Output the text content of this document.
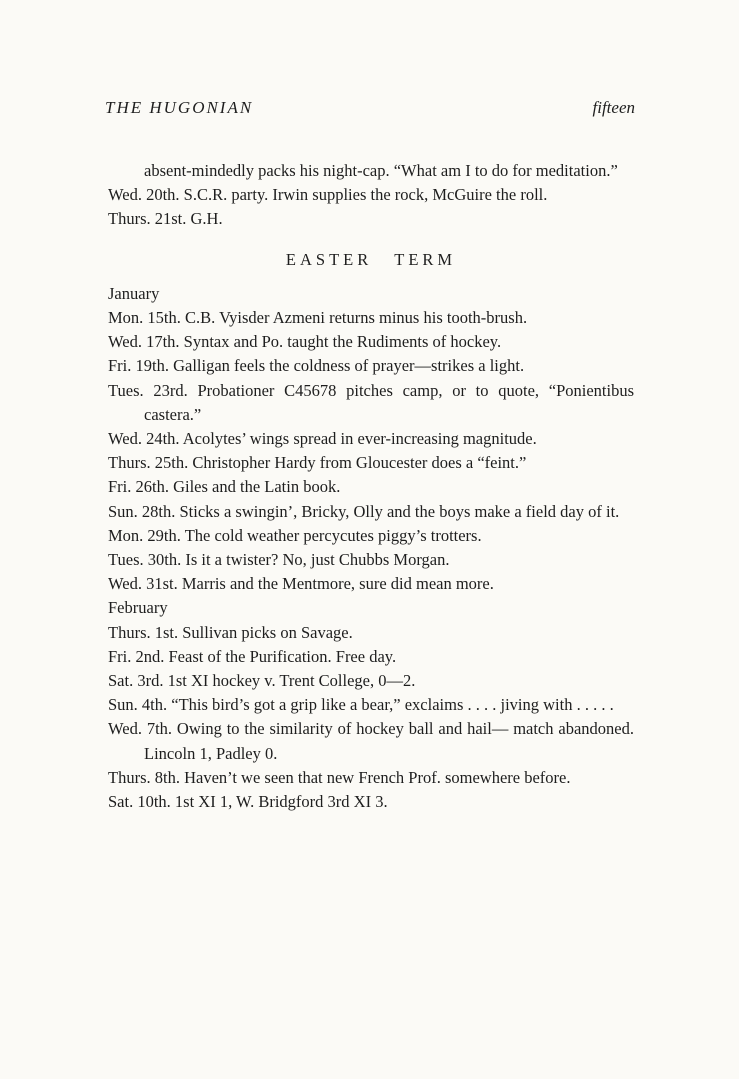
THE HUGONIAN	fifteen
absent-mindedly packs his night-cap. “What am I to do for meditation.”
Wed. 20th. S.C.R. party. Irwin supplies the rock, McGuire the roll.
Thurs. 21st. G.H.
EASTER TERM
January
Mon. 15th. C.B. Vyisder Azmeni returns minus his tooth-brush.
Wed. 17th. Syntax and Po. taught the Rudiments of hockey.
Fri. 19th. Galligan feels the coldness of prayer—strikes a light.
Tues. 23rd. Probationer C45678 pitches camp, or to quote, “Ponientibus castera.”
Wed. 24th. Acolytes’ wings spread in ever-increasing magnitude.
Thurs. 25th. Christopher Hardy from Gloucester does a “feint.”
Fri. 26th. Giles and the Latin book.
Sun. 28th. Sticks a swingin’, Bricky, Olly and the boys make a field day of it.
Mon. 29th. The cold weather percycutes piggy’s trotters.
Tues. 30th. Is it a twister? No, just Chubbs Morgan.
Wed. 31st. Marris and the Mentmore, sure did mean more.
February
Thurs. 1st. Sullivan picks on Savage.
Fri. 2nd. Feast of the Purification. Free day.
Sat. 3rd. 1st XI hockey v. Trent College, 0—2.
Sun. 4th. “This bird’s got a grip like a bear,” exclaims . . . . jiving with . . . . .
Wed. 7th. Owing to the similarity of hockey ball and hail— match abandoned. Lincoln 1, Padley 0.
Thurs. 8th. Haven’t we seen that new French Prof. somewhere before.
Sat. 10th. 1st XI 1, W. Bridgford 3rd XI 3.
